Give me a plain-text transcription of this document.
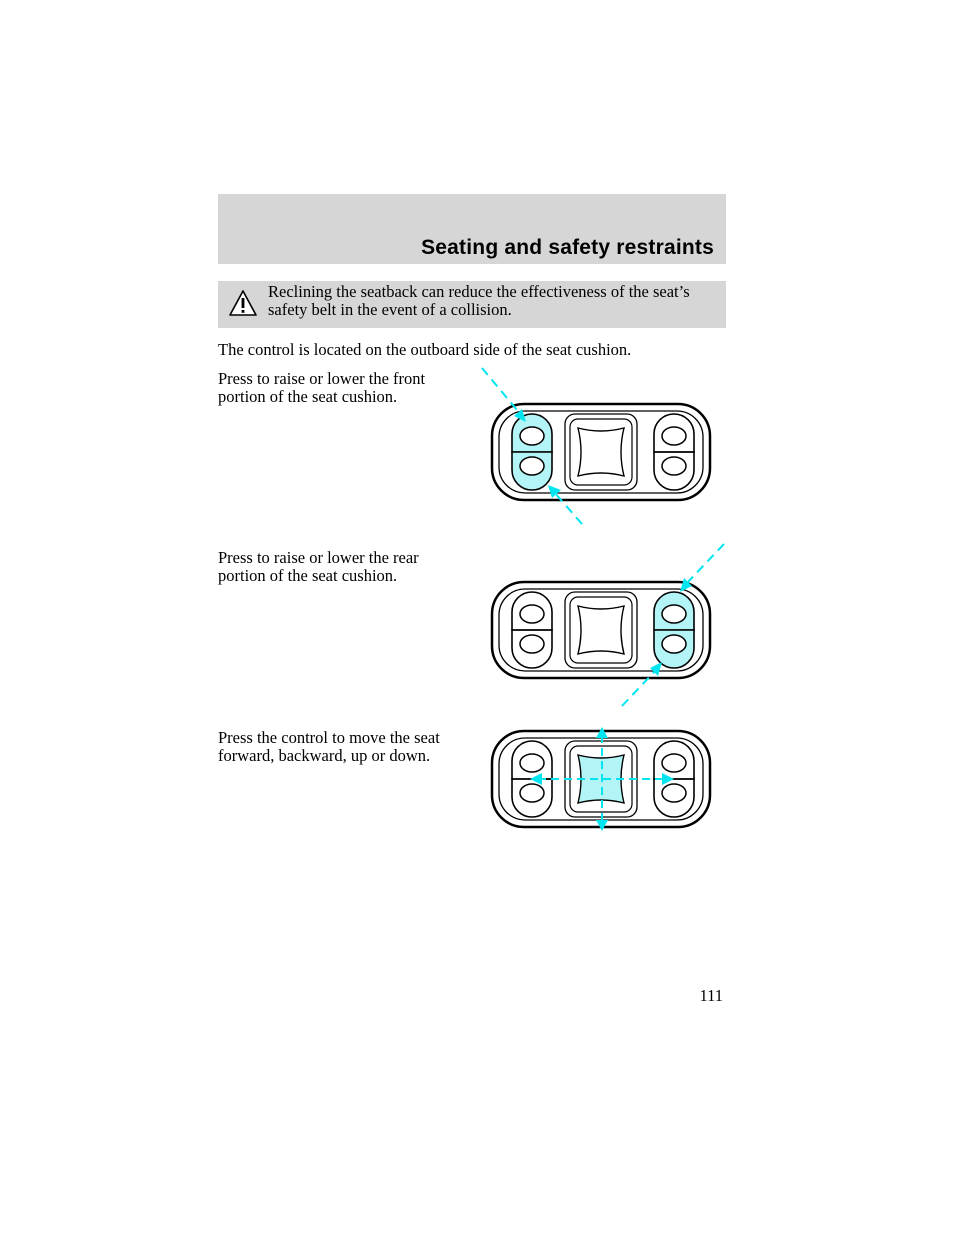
Seating and safety restraints
Reclining the seatback can reduce the effectiveness of the seat’s safety belt in the event of a collision.
The control is located on the outboard side of the seat cushion.
Press to raise or lower the front portion of the seat cushion.
Press to raise or lower the rear portion of the seat cushion.
Press the control to move the seat forward, backward, up or down.
111
